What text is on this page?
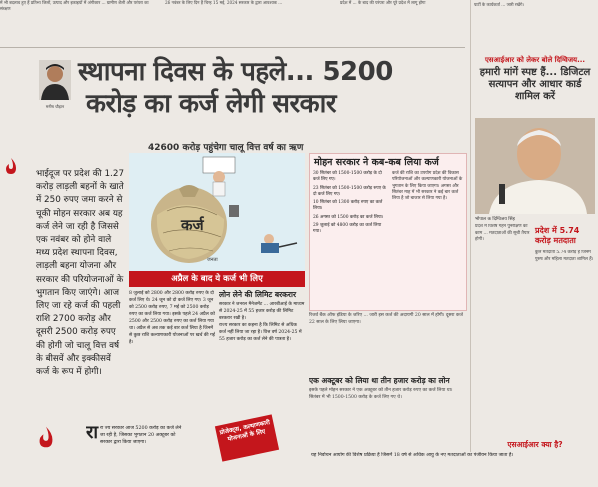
में भी बदलाव हुए हैं प्रतिभा जिलों, उत्पाद और इकाइयों में अंगीकार ... ग्रामीण शैली और परंपरा का संरक्षण
26 नवंबर के लिए दिन हैं चिन्ह 15 मई, 2024 सरकार के द्वारा आवश्यक ...	प्रदेश में ... के बाद की परंपरा और पूरे प्रदेश में लागू होगा
मनीष चौहान
स्थापना दिवस के पहले... 5200
करोड़ का कर्ज लेगी सरकार
42600 करोड़ पहुंचेगा चालू वित्त वर्ष का ऋण
भाईदूज पर प्रदेश की 1.27 करोड़ लाड़ली बहनों के खाते में 250 रुपए जमा करने से चूकी मोहन सरकार अब यह कर्ज लेने जा रही है जिससे एक नवंबर को होने वाले मध्य प्रदेश स्थापना दिवस, लाड़ली बहना योजना और सरकार की परियोजनाओं के भुगतान किए जाएंगे। आज लिए जा रहे कर्ज की पहली राशि 2700 करोड़ और दूसरी 2500 करोड़ रुपए की होगी जो चालू वित्त वर्ष के बीसवें और इक्कीसवें कर्ज के रूप में होगी।
कर्ज
जनता
अप्रैल के बाद ये कर्ज भी लिए
8 जुलाई को 2800 और 2800 करोड़ रुपए के दो कर्ज लिए थे। 24 जून को दो कर्ज लिए गए। 3 जून को 2500 करोड़ रुपए, 7 मई को 2500 करोड़ रुपए का कर्ज लिया गया। इसके पहले 24 अप्रैल को 2500 और 2500 करोड़ रुपए का कर्ज लिया गया था। अप्रैल से अब तक कई बार कर्ज लिया है जिनमें से कुछ राशि कल्याणकारी योजनाओं पर खर्च की गई है।
लोन लेने की लिमिट बरकरार
सरकार ने जनरल मैनेजमेंट ... आरबीआई के माध्यम से 2024-25 में 55 हजार करोड़ की लिमिट बरकरार रखी है।
राज्य सरकार का कहना है कि लिमिट से अधिक कर्ज नहीं लिया जा रहा है। वित्त वर्ष 2024-25 में 55 हजार करोड़ का कर्ज लेने की पात्रता है।
रा रा ज्य सरकार आज 5200 करोड़ का कर्ज लेने जा रही है, जिसका भुगतान 20 अक्टूबर को सरकार द्वारा किया जाएगा।
प्रोजेक्ट्स, कल्याणकारी योजनाओं के लिए
मोहन सरकार ने कब-कब लिया कर्ज
30 सितंबर को 1500-1500 करोड़ के दो कर्ज लिए गए।
23 सितंबर को 1500-1500 करोड़ रुपए के दो कर्ज लिए गए।
10 सितंबर को 1300 करोड़ रुपए का कर्ज लिया।
26 अगस्त को 1500 करोड़ का कर्ज लिया।
29 जुलाई को 4800 करोड़ का कर्ज लिया गया।
कर्ज की राशि का उपयोग प्रदेश की विकास परियोजनाओं और कल्याणकारी योजनाओं के भुगतान के लिए किया जाएगा। अगस्त और सितंबर माह में भी सरकार ने कई बार कर्ज लिया है जो बाजार से लिया गया है।
रिजर्व बैंक ऑफ इंडिया के जरिए ... जारी इस कर्ज की अदायगी 20 साल में होगी। दूसरा कर्ज 22 साल के लिए लिया जाएगा।
एक अक्टूबर को लिया था तीन हजार करोड़ का लोन
इसके पहले मोहन सरकार ने एक अक्टूबर को तीन हजार करोड़ रुपए का कर्ज लिया था। सितंबर में भी 1500-1500 करोड़ के कर्ज लिए गए थे।
पार्टी के कार्यकर्ता ... जारी रखेंगे।
एसआईआर को लेकर बोले दिग्विजय...
हमारी मांगें स्पष्ट हैं... डिजिटल सत्यापन और आधार कार्ड शामिल करें
भोपाल क दिग्विजय सिंह
प्रदेश में विशेष गहन पुनरीक्षण का काम ... मतदाताओं की सूची तैयार होगी।
प्रदेश में 5.74 करोड़ मतदाता
कुल मतदाता 5.74 करोड़ हैं जिनमें पुरुष और महिला मतदाता शामिल हैं।
एसआईआर क्या है?
यह निर्वाचन आयोग की विशेष प्रक्रिया है जिसमें 18 वर्ष से अधिक आयु के नए मतदाताओं का पंजीयन किया जाता है।
